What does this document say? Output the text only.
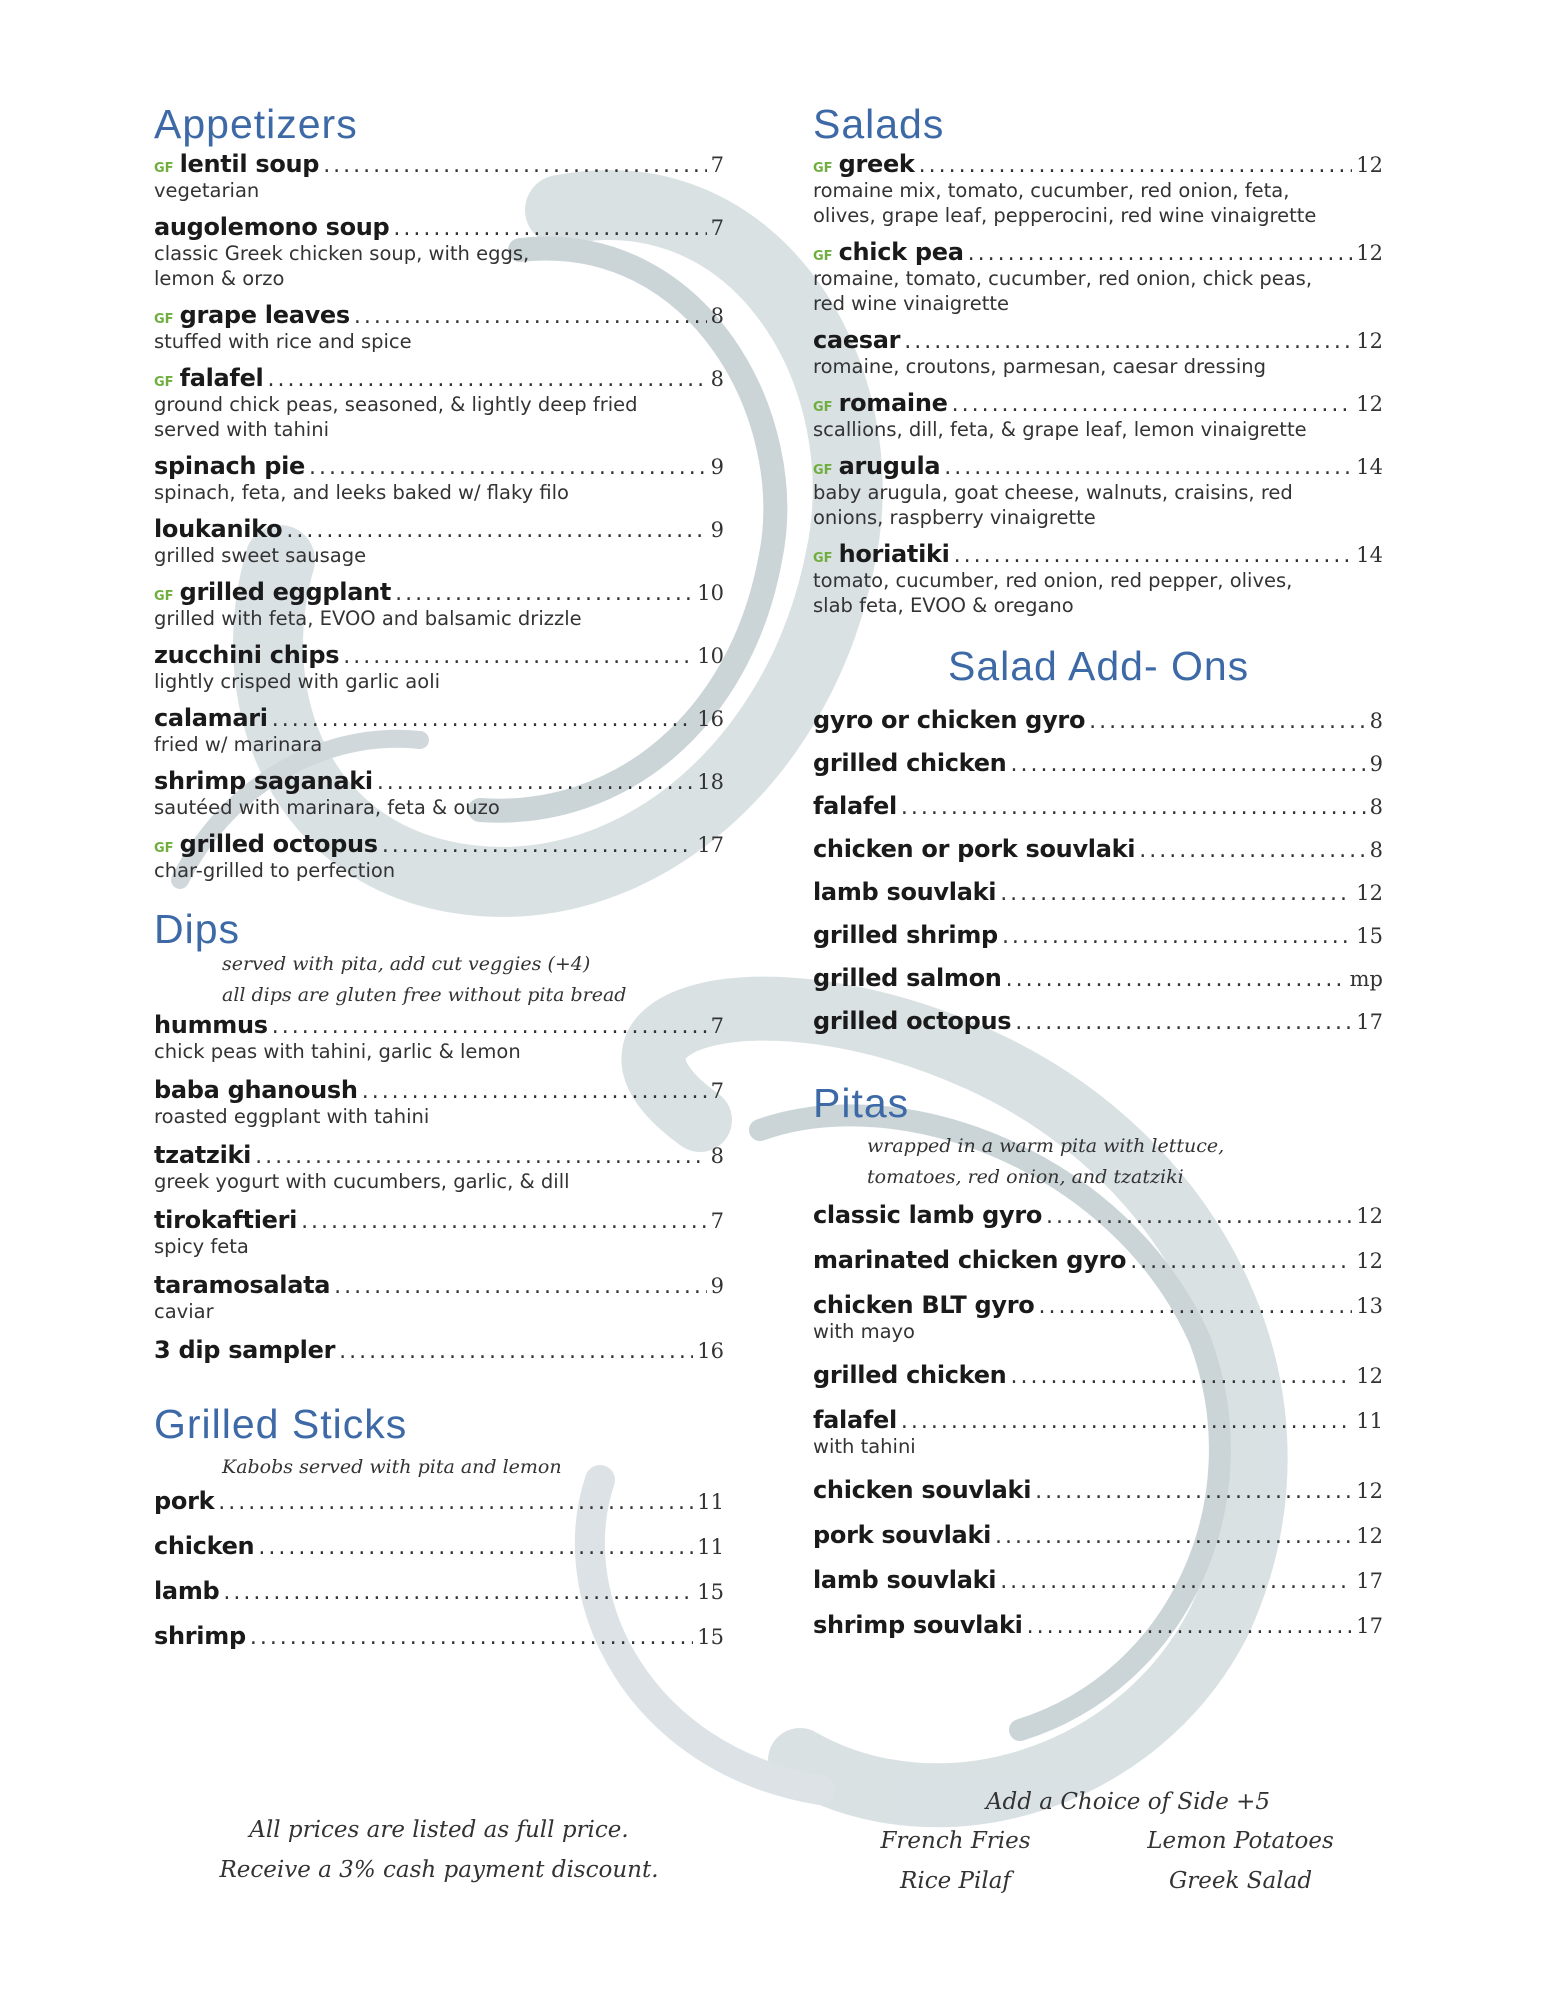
Appetizers
GF lentil soup .....	7
vegetarian
augolemono soup .....	7
classic Greek chicken soup, with eggs,
lemon & orzo
GF grape leaves .....	8
stuffed with rice and spice
GF falafel .....	8
ground chick peas, seasoned, & lightly deep fried
served with tahini
spinach pie .....	9
spinach, feta, and leeks baked w/ flaky filo
loukaniko .....	9
grilled sweet sausage
GF grilled eggplant .....	10
grilled with feta, EVOO and balsamic drizzle
zucchini chips .....	10
lightly crisped with garlic aoli
calamari .....	16
fried w/ marinara
shrimp saganaki .....	18
sautéed with marinara, feta & ouzo
GF grilled octopus .....	17
char-grilled to perfection
Dips
served with pita, add cut veggies (+4)
all dips are gluten free without pita bread
hummus .....	7
chick peas with tahini, garlic & lemon
baba ghanoush .....	7
roasted eggplant with tahini
tzatziki .....	8
greek yogurt with cucumbers, garlic, & dill
tirokaftieri .....	7
spicy feta
taramosalata .....	9
caviar
3 dip sampler .....	16
Grilled Sticks
Kabobs served with pita and lemon
pork .....	11
chicken .....	11
lamb .....	15
shrimp .....	15
All prices are listed as full price.
Receive a 3% cash payment discount.
Salads
GF greek .....	12
romaine mix, tomato, cucumber, red onion, feta,
olives, grape leaf, pepperocini, red wine vinaigrette
GF chick pea .....	12
romaine, tomato, cucumber, red onion, chick peas,
red wine vinaigrette
caesar .....	12
romaine, croutons, parmesan, caesar dressing
GF romaine .....	12
scallions, dill, feta, & grape leaf, lemon vinaigrette
GF arugula .....	14
baby arugula, goat cheese, walnuts, craisins, red
onions, raspberry vinaigrette
GF horiatiki .....	14
tomato, cucumber, red onion, red pepper, olives,
slab feta, EVOO & oregano
Salad Add- Ons
gyro or chicken gyro .....	8
grilled chicken .....	9
falafel .....	8
chicken or pork souvlaki .....	8
lamb souvlaki .....	12
grilled shrimp .....	15
grilled salmon .....	mp
grilled octopus .....	17
Pitas
wrapped in a warm pita with lettuce,
tomatoes, red onion, and tzatziki
classic lamb gyro .....	12
marinated chicken gyro .....	12
chicken BLT gyro .....	13
with mayo
grilled chicken .....	12
falafel .....	11
with tahini
chicken souvlaki .....	12
pork souvlaki .....	12
lamb souvlaki .....	17
shrimp souvlaki .....	17
Add a Choice of Side +5
French Fries	Lemon Potatoes
Rice Pilaf	Greek Salad
